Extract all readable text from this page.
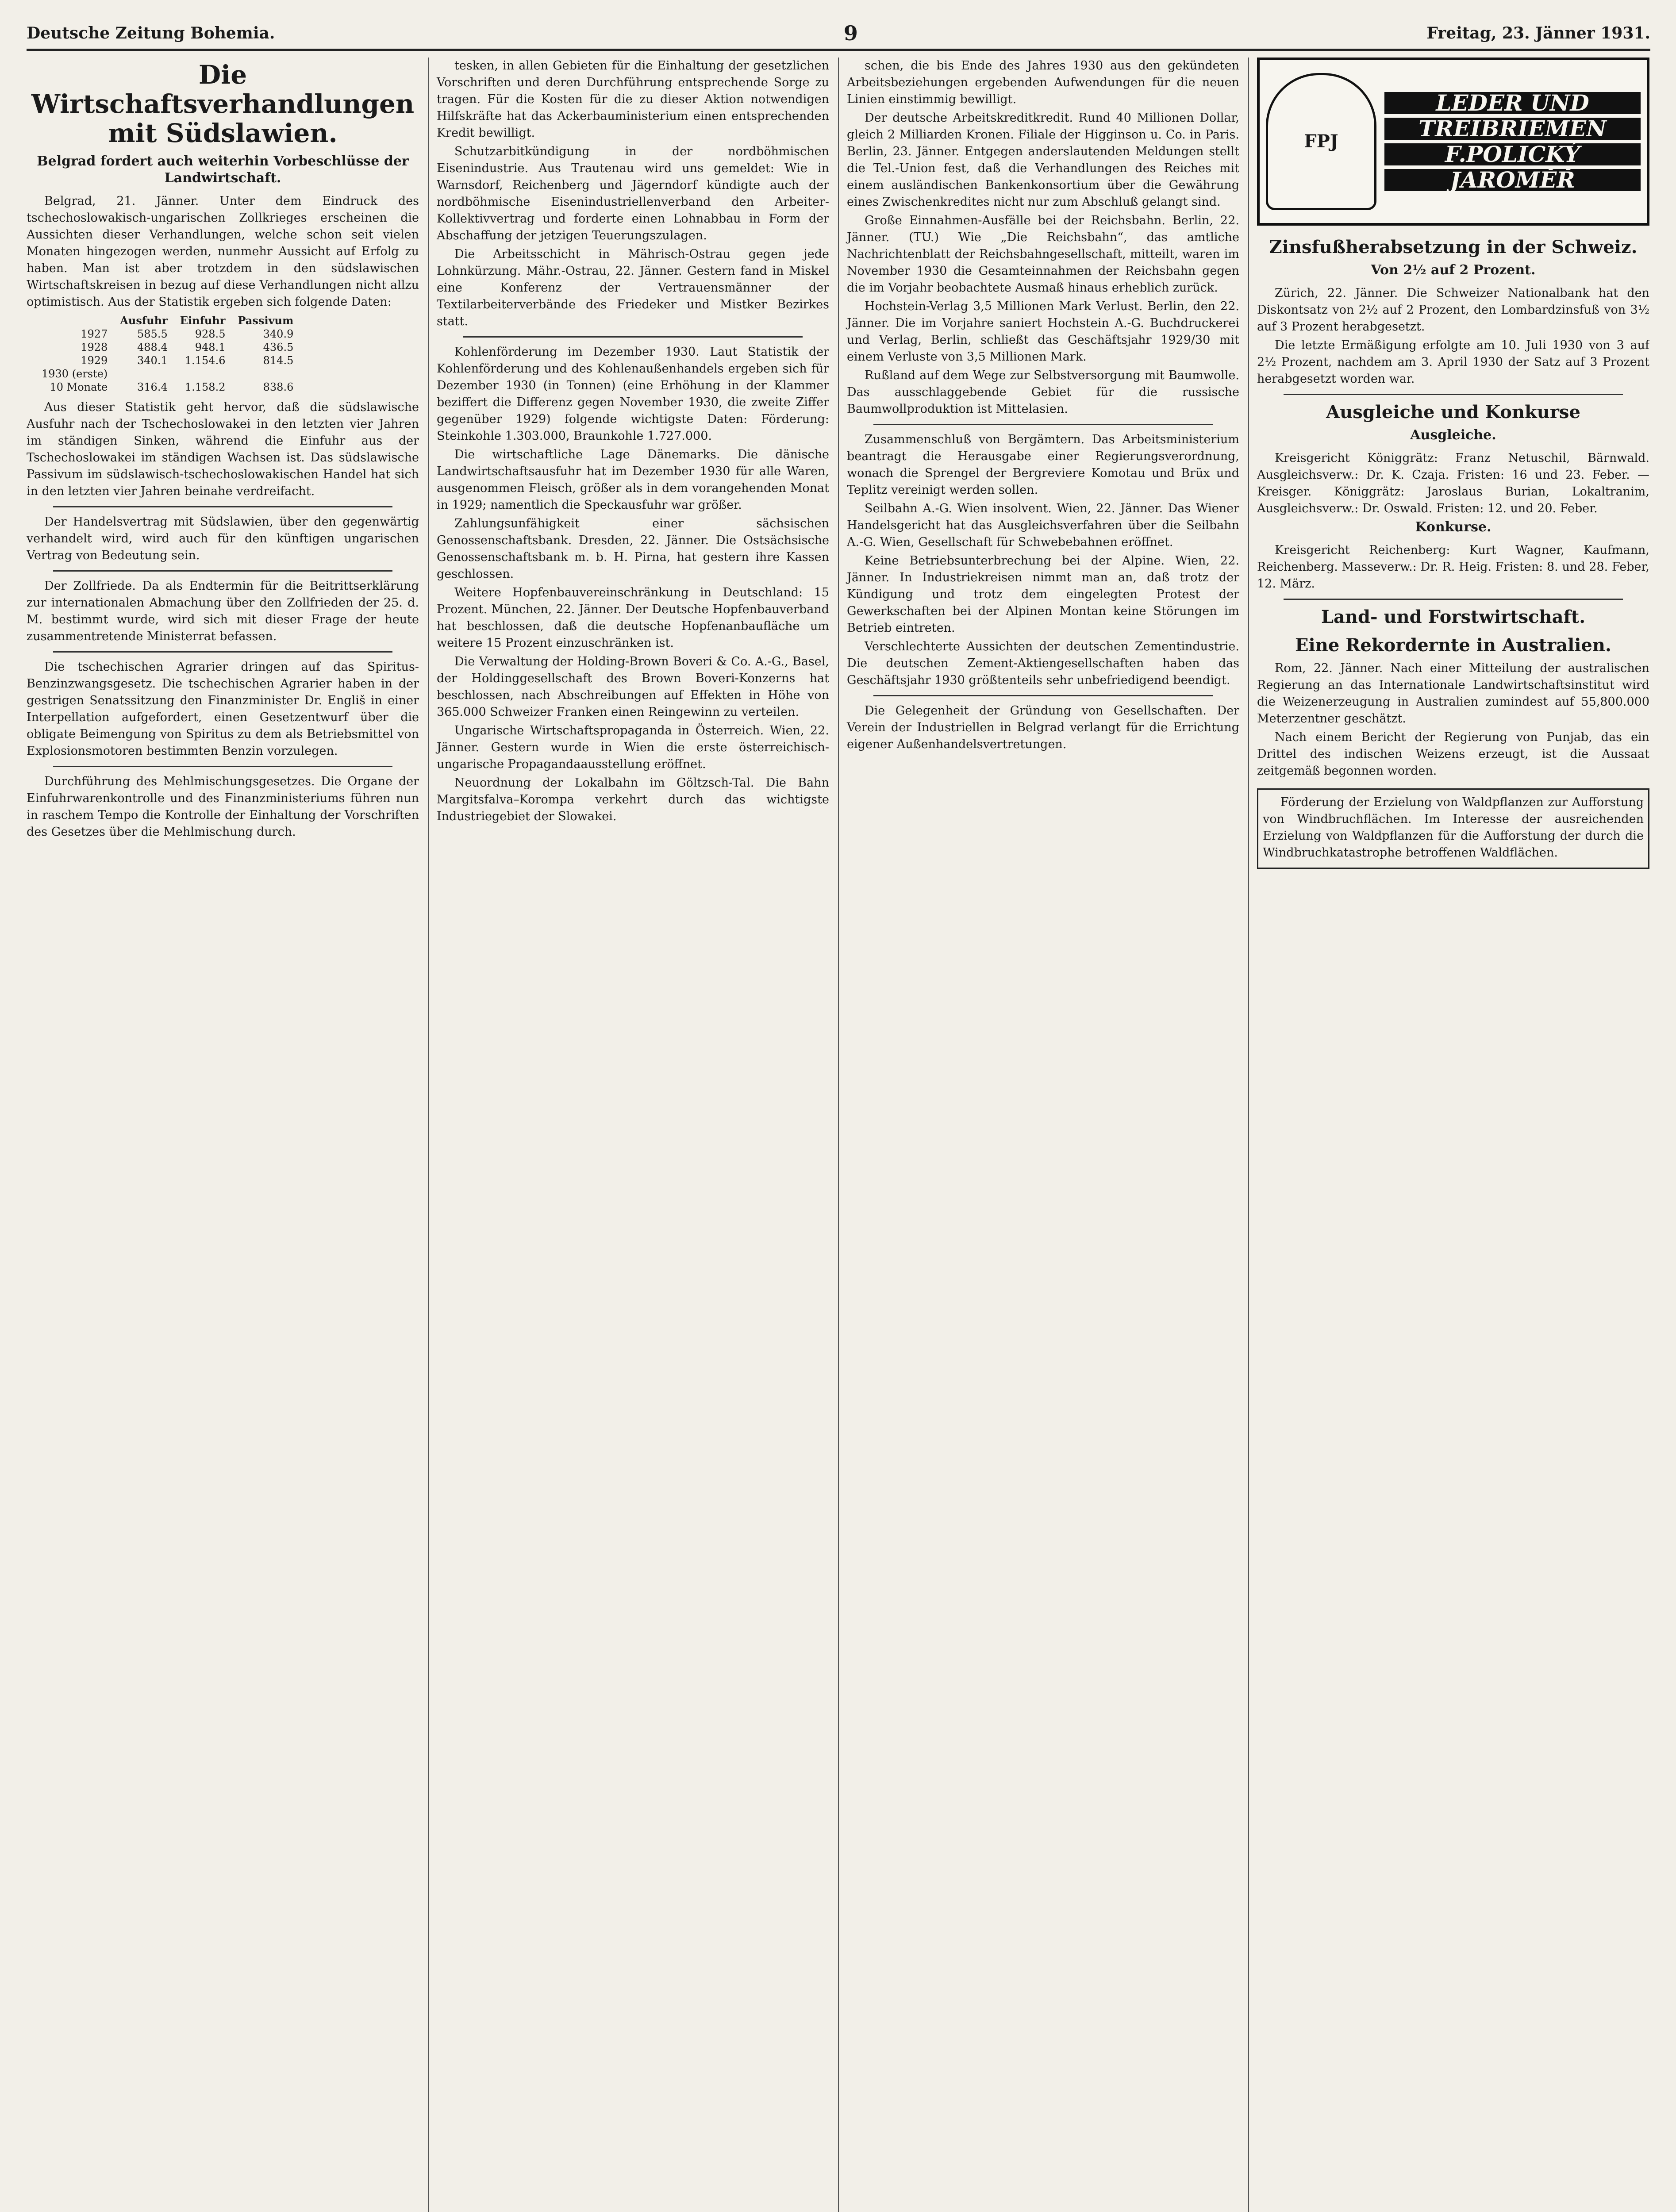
Deutsche Zeitung Bohemia.	9	Freitag, 23. Jänner 1931.
Die Wirtschaftsverhandlungen mit Südslawien.
Belgrad fordert auch weiterhin Vorbeschlüsse der Landwirtschaft.

Belgrad, 21. Jänner. Unter dem Eindruck des tschechoslowakisch-ungarischen Zollkrieges erscheinen die Aussichten dieser Verhandlungen, welche schon seit vielen Monaten hingezogen werden, nunmehr Aussicht auf Erfolg zu haben. Man ist aber trotzdem in den südslawischen Wirtschaftskreisen in bezug auf diese Verhandlungen nicht allzu optimistisch. Aus der Statistik ergeben sich folgende Daten:

	Ausfuhr	Einfuhr	Passivum
1927	585.5	928.5	340.9
1928	488.4	948.1	436.5
1929	340.1	1.154.6	814.5
1930 (erste)			
10 Monate	316.4	1.158.2	838.6

Aus dieser Statistik geht hervor, daß die südslawische Ausfuhr nach der Tschechoslowakei in den letzten vier Jahren im ständigen Sinken, während die Einfuhr aus der Tschechoslowakei im ständigen Wachsen ist. Das südslawische Passivum im südslawisch-tschechoslowakischen Handel hat sich in den letzten vier Jahren beinahe verdreifacht.

Der Handelsvertrag mit Südslawien, über den gegenwärtig verhandelt wird, wird auch für den künftigen ungarischen Vertrag von Bedeutung sein.

Der Zollfriede. Da als Endtermin für die Beitrittserklärung zur internationalen Abmachung über den Zollfrieden der 25. d. M. bestimmt wurde, wird sich mit dieser Frage der heute zusammentretende Ministerrat befassen.

Die tschechischen Agrarier dringen auf das Spiritus-Benzinzwangsgesetz. Die tschechischen Agrarier haben in der gestrigen Senatssitzung den Finanzminister Dr. Engliš in einer Interpellation aufgefordert, einen Gesetzentwurf über die obligate Beimengung von Spiritus zu dem als Betriebsmittel von Explosionsmotoren bestimmten Benzin vorzulegen.

Durchführung des Mehlmischungsgesetzes. Die Organe der Einfuhrwarenkontrolle und des Finanzministeriums führen nun in raschem Tempo die Kontrolle der Einhaltung der Vorschriften des Gesetzes über die Mehlmischung durch.

tesken, in allen Gebieten für die Einhaltung der gesetzlichen Vorschriften und deren Durchführung entsprechende Sorge zu tragen. Für die Kosten für die zu dieser Aktion notwendigen Hilfskräfte hat das Ackerbauministerium einen entsprechenden Kredit bewilligt.

Schutzarbitkündigung in der nordböhmischen Eisenindustrie. Aus Trautenau wird uns gemeldet: Wie in Warnsdorf, Reichenberg und Jägerndorf kündigte auch der nordböhmische Eisenindustriellenverband den Arbeiter-Kollektivvertrag und forderte einen Lohnabbau in Form der Abschaffung der jetzigen Teuerungszulagen.

Die Arbeitsschicht in Mährisch-Ostrau gegen jede Lohnkürzung. Mähr.-Ostrau, 22. Jänner. Gestern fand in Miskel eine Konferenz der Vertrauensmänner der Textilarbeiterverbände des Friedeker und Mistker Bezirkes statt.

Kohlenförderung im Dezember 1930. Laut Statistik der Kohlenförderung und des Kohlenaußenhandels ergeben sich für Dezember 1930 (in Tonnen) (eine Erhöhung in der Klammer beziffert die Differenz gegen November 1930, die zweite Ziffer gegenüber 1929) folgende wichtigste Daten: Förderung: Steinkohle 1.303.000, Braunkohle 1.727.000.

Die wirtschaftliche Lage Dänemarks. Die dänische Landwirtschaftsausfuhr hat im Dezember 1930 für alle Waren, ausgenommen Fleisch, größer als in dem vorangehenden Monat in 1929; namentlich die Speckausfuhr war größer.

Zahlungsunfähigkeit einer sächsischen Genossenschaftsbank. Dresden, 22. Jänner. Die Ostsächsische Genossenschaftsbank m. b. H. Pirna, hat gestern ihre Kassen geschlossen.

Weitere Hopfenbauvereinschränkung in Deutschland: 15 Prozent. München, 22. Jänner. Der Deutsche Hopfenbauverband hat beschlossen, daß die deutsche Hopfenanbaufläche um weitere 15 Prozent einzuschränken ist.

Die Verwaltung der Holding-Brown Boveri & Co. A.-G., Basel, der Holdinggesellschaft des Brown Boveri-Konzerns hat beschlossen, nach Abschreibungen auf Effekten in Höhe von 365.000 Schweizer Franken einen Reingewinn zu verteilen.

Ungarische Wirtschaftspropaganda in Österreich. Wien, 22. Jänner. Gestern wurde in Wien die erste österreichisch-ungarische Propagandaausstellung eröffnet.

Neuordnung der Lokalbahn im Göltzsch-Tal. Die Bahn Margitsfalva–Korompa verkehrt durch das wichtigste Industriegebiet der Slowakei.

schen, die bis Ende des Jahres 1930 aus den gekündeten Arbeitsbeziehungen ergebenden Aufwendungen für die neuen Linien einstimmig bewilligt.

Der deutsche Arbeitskreditkredit. Rund 40 Millionen Dollar, gleich 2 Milliarden Kronen. Filiale der Higginson u. Co. in Paris. Berlin, 23. Jänner. Entgegen anderslautenden Meldungen stellt die Tel.-Union fest, daß die Verhandlungen des Reiches mit einem ausländischen Bankenkonsortium über die Gewährung eines Zwischenkredites nicht nur zum Abschluß gelangt sind.

Große Einnahmen-Ausfälle bei der Reichsbahn. Berlin, 22. Jänner. (TU.) Wie „Die Reichsbahn“, das amtliche Nachrichtenblatt der Reichsbahngesellschaft, mitteilt, waren im November 1930 die Gesamteinnahmen der Reichsbahn gegen die im Vorjahr beobachtete Ausmaß hinaus erheblich zurück.

Hochstein-Verlag 3,5 Millionen Mark Verlust. Berlin, den 22. Jänner. Die im Vorjahre saniert Hochstein A.-G. Buchdruckerei und Verlag, Berlin, schließt das Geschäftsjahr 1929/30 mit einem Verluste von 3,5 Millionen Mark.

Rußland auf dem Wege zur Selbstversorgung mit Baumwolle. Das ausschlaggebende Gebiet für die russische Baumwollproduktion ist Mittelasien.

Zusammenschluß von Bergämtern. Das Arbeitsministerium beantragt die Herausgabe einer Regierungsverordnung, wonach die Sprengel der Bergreviere Komotau und Brüx und Teplitz vereinigt werden sollen.

Seilbahn A.-G. Wien insolvent. Wien, 22. Jänner. Das Wiener Handelsgericht hat das Ausgleichsverfahren über die Seilbahn A.-G. Wien, Gesellschaft für Schwebebahnen eröffnet.

Keine Betriebsunterbrechung bei der Alpine. Wien, 22. Jänner. In Industriekreisen nimmt man an, daß trotz der Kündigung und trotz dem eingelegten Protest der Gewerkschaften bei der Alpinen Montan keine Störungen im Betrieb eintreten.

Verschlechterte Aussichten der deutschen Zementindustrie. Die deutschen Zement-Aktiengesellschaften haben das Geschäftsjahr 1930 größtenteils sehr unbefriedigend beendigt.

Die Gelegenheit der Gründung von Gesellschaften. Der Verein der Industriellen in Belgrad verlangt für die Errichtung eigener Außenhandelsvertretungen.

FPJ
LEDER UND
TREIBRIEMEN
F.POLICKÝ
JAROMĚŘ
Zinsfußherabsetzung in der Schweiz.
Von 2½ auf 2 Prozent.

Zürich, 22. Jänner. Die Schweizer Nationalbank hat den Diskontsatz von 2½ auf 2 Prozent, den Lombardzinsfuß von 3½ auf 3 Prozent herabgesetzt.

Die letzte Ermäßigung erfolgte am 10. Juli 1930 von 3 auf 2½ Prozent, nachdem am 3. April 1930 der Satz auf 3 Prozent herabgesetzt worden war.

Ausgleiche und Konkurse
Ausgleiche.

Kreisgericht Königgrätz: Franz Netuschil, Bärnwald. Ausgleichsverw.: Dr. K. Czaja. Fristen: 16 und 23. Feber. — Kreisger. Königgrätz: Jaroslaus Burian, Lokaltranim, Ausgleichsverw.: Dr. Oswald. Fristen: 12. und 20. Feber.

Konkurse.

Kreisgericht Reichenberg: Kurt Wagner, Kaufmann, Reichenberg. Masseverw.: Dr. R. Heig. Fristen: 8. und 28. Feber, 12. März.

Land- und Forstwirtschaft.
Eine Rekordernte in Australien.

Rom, 22. Jänner. Nach einer Mitteilung der australischen Regierung an das Internationale Landwirtschaftsinstitut wird die Weizenerzeugung in Australien zumindest auf 55,800.000 Meterzentner geschätzt.

Nach einem Bericht der Regierung von Punjab, das ein Drittel des indischen Weizens erzeugt, ist die Aussaat zeitgemäß begonnen worden.

Förderung der Erzielung von Waldpflanzen zur Aufforstung von Windbruchflächen. Im Interesse der ausreichenden Erzielung von Waldpflanzen für die Aufforstung der durch die Windbruchkatastrophe betroffenen Waldflächen.
